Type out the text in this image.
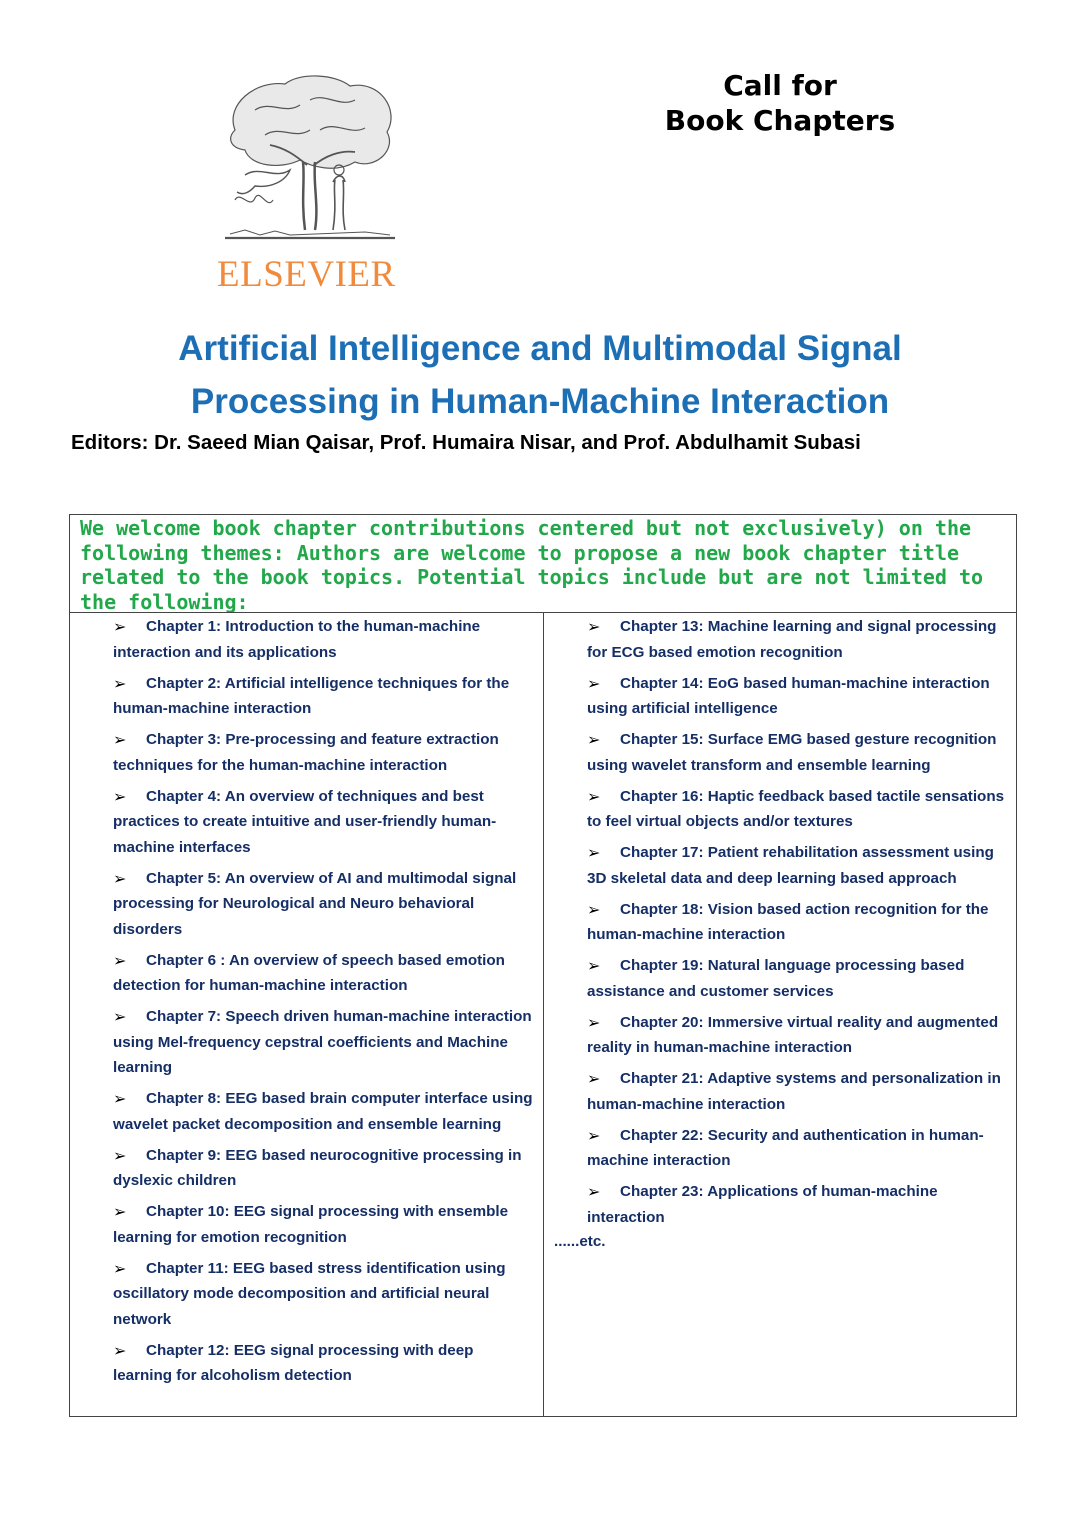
ELSEVIER
Call for
Book Chapters
Artificial Intelligence and Multimodal Signal
Processing in Human-Machine Interaction
Editors: Dr. Saeed Mian Qaisar, Prof. Humaira Nisar, and Prof. Abdulhamit Subasi
We welcome book chapter contributions centered but not exclusively) on the following themes: Authors are welcome to propose a new book chapter title related to the book topics. Potential topics include but are not limited to the following:
➢ Chapter 1: Introduction to the human-machine interaction and its applications
➢ Chapter 2: Artificial intelligence techniques for the human-machine interaction
➢ Chapter 3: Pre-processing and feature extraction techniques for the human-machine interaction
➢ Chapter 4: An overview of techniques and best practices to create intuitive and user-friendly human-machine interfaces
➢ Chapter 5: An overview of AI and multimodal signal processing for Neurological and Neuro behavioral disorders
➢ Chapter 6 : An overview of speech based emotion detection for human-machine interaction
➢ Chapter 7: Speech driven human-machine interaction using Mel-frequency cepstral coefficients and Machine learning
➢ Chapter 8: EEG based brain computer interface using wavelet packet decomposition and ensemble learning
➢ Chapter 9: EEG based neurocognitive processing in dyslexic children
➢ Chapter 10: EEG signal processing with ensemble learning for emotion recognition
➢ Chapter 11: EEG based stress identification using oscillatory mode decomposition and artificial neural network
➢ Chapter 12: EEG signal processing with deep learning for alcoholism detection
➢ Chapter 13: Machine learning and signal processing for ECG based emotion recognition
➢ Chapter 14: EoG based human-machine interaction using artificial intelligence
➢ Chapter 15: Surface EMG based gesture recognition using wavelet transform and ensemble learning
➢ Chapter 16: Haptic feedback based tactile sensations to feel virtual objects and/or textures
➢ Chapter 17: Patient rehabilitation assessment using 3D skeletal data and deep learning based approach
➢ Chapter 18: Vision based action recognition for the human-machine interaction
➢ Chapter 19: Natural language processing based assistance and customer services
➢ Chapter 20: Immersive virtual reality and augmented reality in human-machine interaction
➢ Chapter 21: Adaptive systems and personalization in human-machine interaction
➢ Chapter 22: Security and authentication in human-machine interaction
➢ Chapter 23: Applications of human-machine interaction
......etc.
